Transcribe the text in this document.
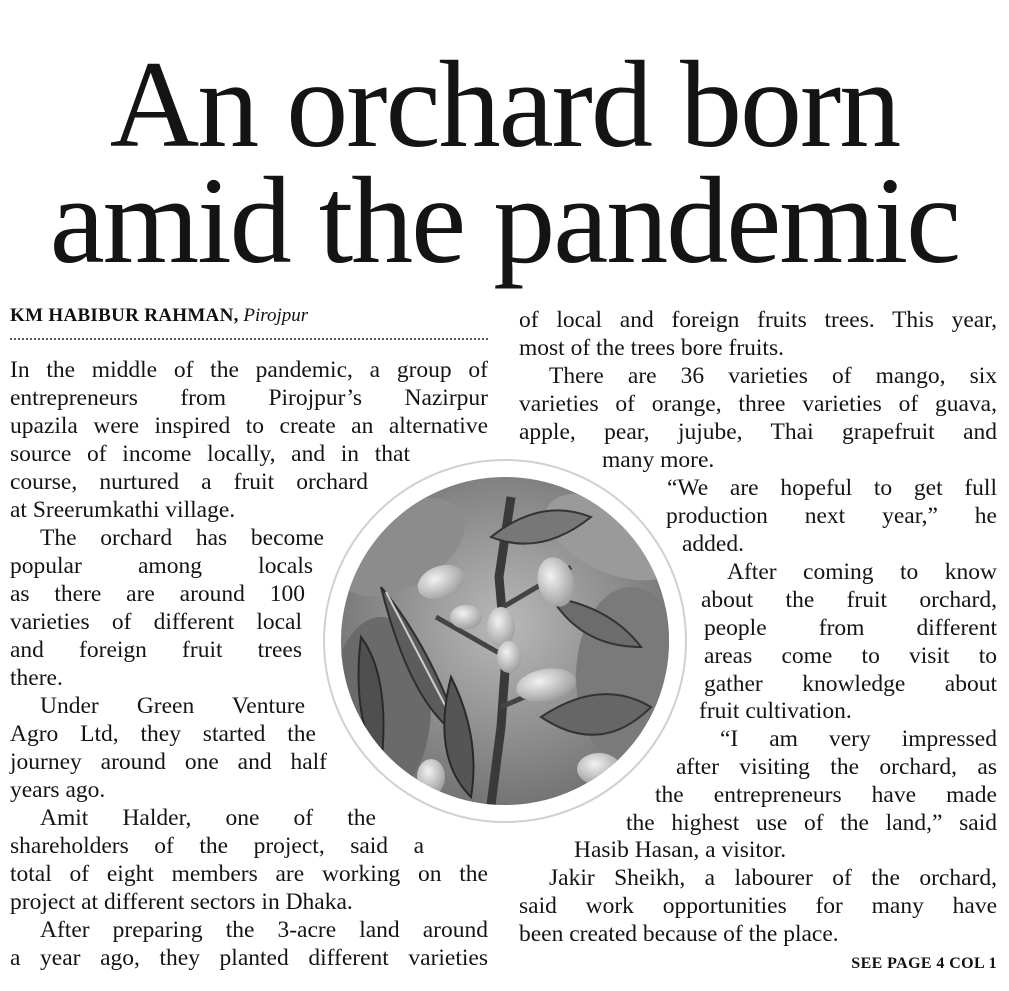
An orchard born
amid the pandemic
KM HABIBUR RAHMAN, Pirojpur
In the middle of the pandemic, a group of
entrepreneurs from Pirojpur’s Nazirpur
upazila were inspired to create an alternative
source of income locally, and in that
course, nurtured a fruit orchard
at Sreerumkathi village.
The orchard has become
popular among locals
as there are around 100
varieties of different local
and foreign fruit trees
there.
Under Green Venture
Agro Ltd, they started the
journey around one and half
years ago.
Amit Halder, one of the
shareholders of the project, said a
total of eight members are working on the
project at different sectors in Dhaka.
After preparing the 3-acre land around
a year ago, they planted different varieties
of local and foreign fruits trees. This year,
most of the trees bore fruits.
There are 36 varieties of mango, six
varieties of orange, three varieties of guava,
apple, pear, jujube, Thai grapefruit and
many more.
“We are hopeful to get full
production next year,” he
added.
After coming to know
about the fruit orchard,
people from different
areas come to visit to
gather knowledge about
fruit cultivation.
“I am very impressed
after visiting the orchard, as
the entrepreneurs have made
the highest use of the land,” said
Hasib Hasan, a visitor.
Jakir Sheikh, a labourer of the orchard,
said work opportunities for many have
been created because of the place.
SEE PAGE 4 COL 1
